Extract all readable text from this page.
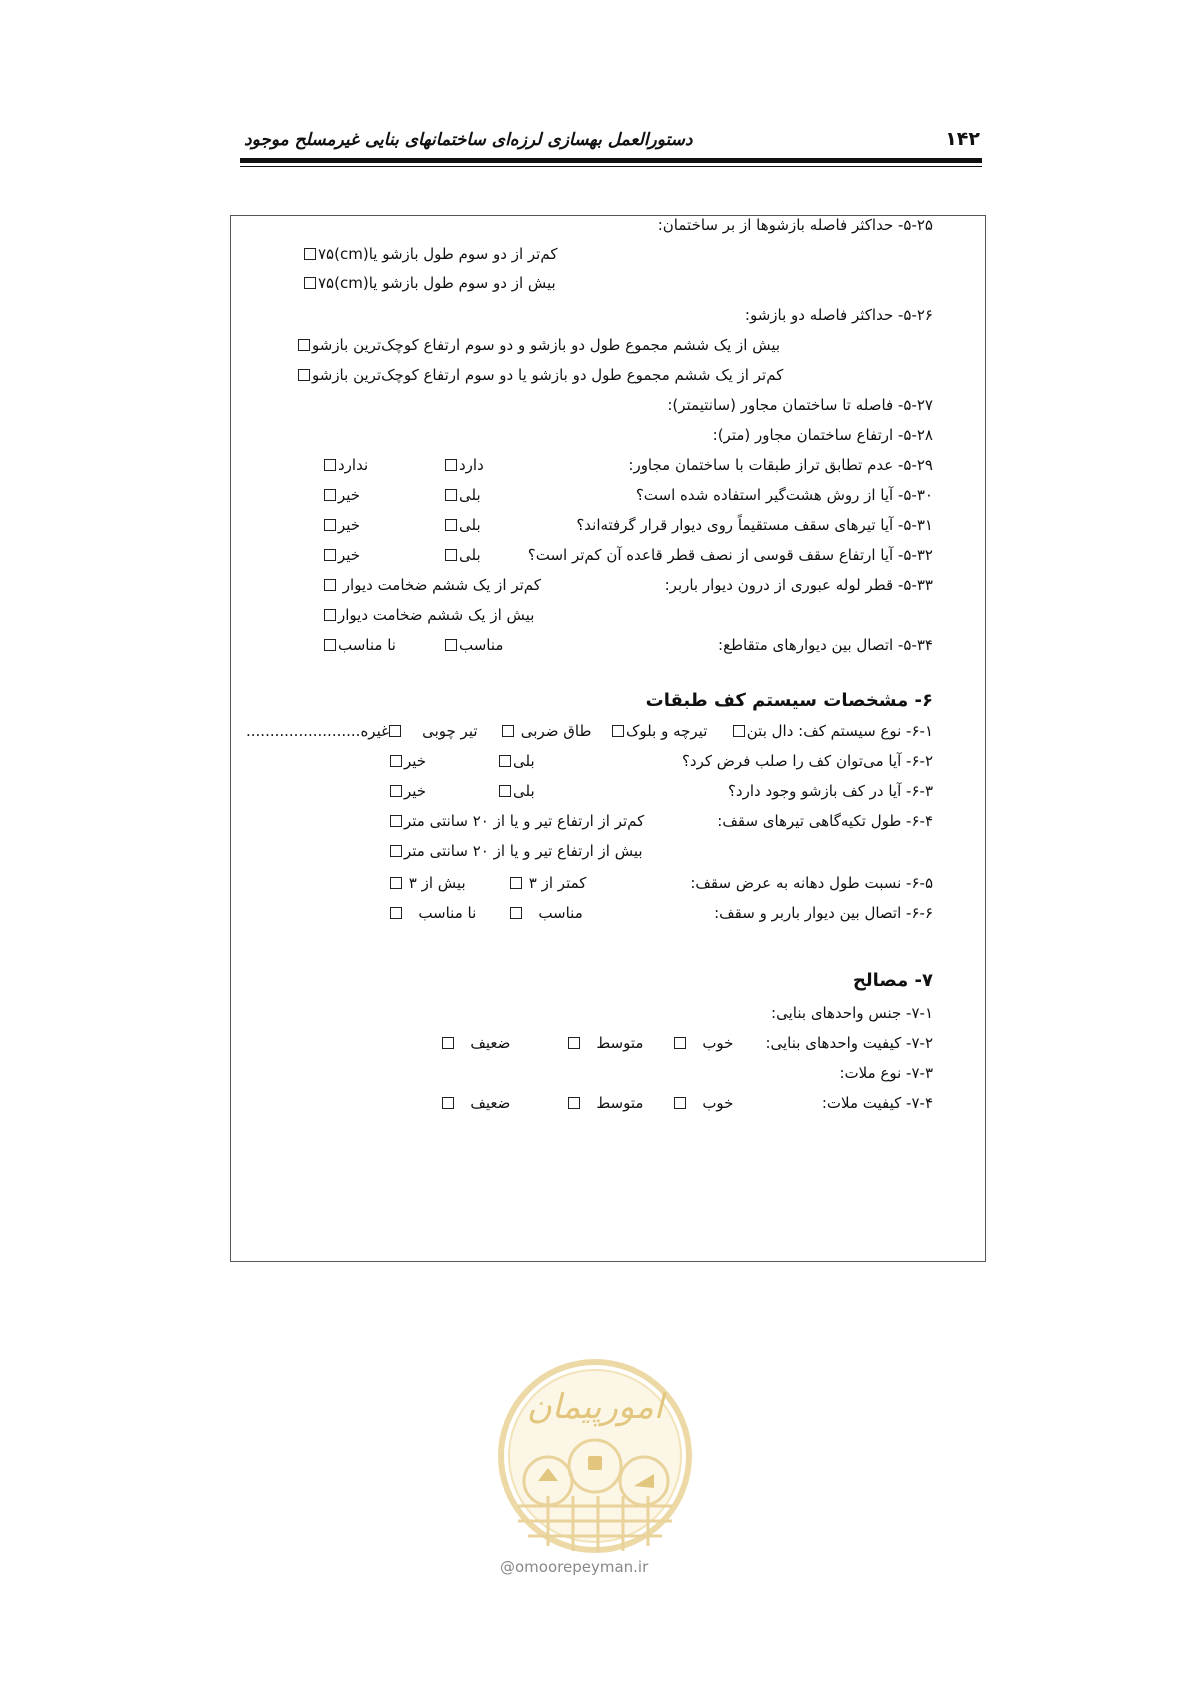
دستورالعمل بهسازی لرزه‌ای ساختمانهای بنایی غیرمسلح موجود	۱۴۲
۵-۲۵- حداکثر فاصله بازشوها از بر ساختمان:
کم‌تر از دو سوم طول بازشو یا(cm)۷۵
بیش از دو سوم طول بازشو یا(cm)۷۵
۵-۲۶- حداکثر فاصله دو بازشو:
بیش از یک ششم مجموع طول دو بازشو و دو سوم ارتفاع کوچک‌ترین بازشو
کم‌تر از یک ششم مجموع طول دو بازشو یا دو سوم ارتفاع کوچک‌ترین بازشو
۵-۲۷- فاصله تا ساختمان مجاور (سانتیمتر):
۵-۲۸- ارتفاع ساختمان مجاور (متر):
۵-۲۹- عدم تطابق تراز طبقات با ساختمان مجاور:
دارد
ندارد
۵-۳۰- آیا از روش هشت‌گیر استفاده شده است؟
بلی
خیر
۵-۳۱- آیا تیرهای سقف مستقیماً روی دیوار قرار گرفته‌اند؟
بلی
خیر
۵-۳۲- آیا ارتفاع سقف قوسی از نصف قطر قاعده آن کم‌تر است؟
بلی
خیر
۵-۳۳- قطر لوله عبوری از درون دیوار باربر:
کم‌تر از یک ششم ضخامت دیوار
بیش از یک ششم ضخامت دیوار
۵-۳۴- اتصال بین دیوارهای متقاطع:
مناسب
نا مناسب
۶- مشخصات سیستم کف طبقات
۶-۱- نوع سیستم کف: دال بتن
تیرچه و بلوک
طاق ضربی
تیر چوبی
غیره........................
۶-۲- آیا می‌توان کف را صلب فرض کرد؟
بلی
خیر
۶-۳- آیا در کف بازشو وجود دارد؟
بلی
خیر
۶-۴- طول تکیه‌گاهی تیرهای سقف:
کم‌تر از ارتفاع تیر و یا از ۲۰ سانتی متر
بیش از ارتفاع تیر و یا از ۲۰ سانتی متر
۶-۵- نسبت طول دهانه به عرض سقف:
کمتر از ۳
بیش از ۳
۶-۶- اتصال بین دیوار باربر و سقف:
مناسب
نا مناسب
۷- مصالح
۷-۱- جنس واحدهای بنایی:
۷-۲- کیفیت واحدهای بنایی:
خوب
متوسط
ضعیف
۷-۳- نوع ملات:
۷-۴- کیفیت ملات:
خوب
متوسط
ضعیف
امورپیمان
@omoorepeyman.ir
